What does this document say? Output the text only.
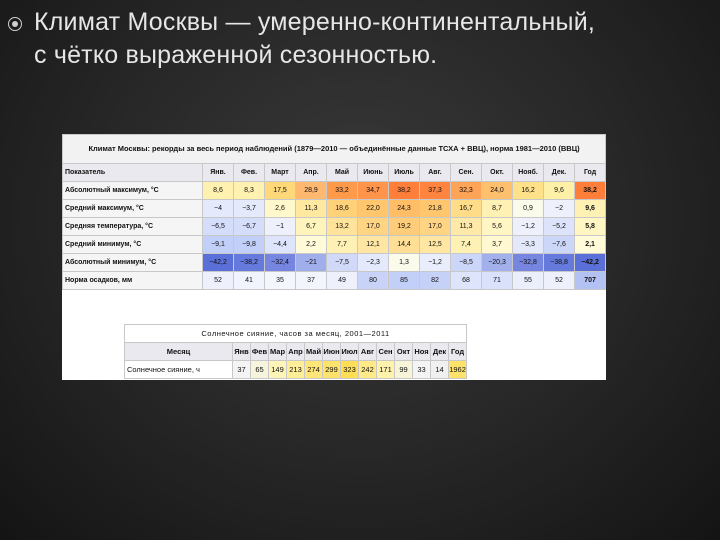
Климат Москвы — умеренно-континентальный,
с чётко выраженной сезонностью.
Климат Москвы: рекорды за весь период наблюдений (1879—2010 — объединённые данные ТСХА + ВВЦ), норма 1981—2010 (ВВЦ)													
Показатель	Янв.	Фев.	Март	Апр.	Май	Июнь	Июль	Авг.	Сен.	Окт.	Нояб.	Дек.	Год
Абсолютный максимум, °C	8,6	8,3	17,5	28,9	33,2	34,7	38,2	37,3	32,3	24,0	16,2	9,6	38,2
Средний максимум, °C	−4	−3,7	2,6	11,3	18,6	22,0	24,3	21,8	16,7	8,7	0,9	−2	9,6
Средняя температура, °C	−6,5	−6,7	−1	6,7	13,2	17,0	19,2	17,0	11,3	5,6	−1,2	−5,2	5,8
Средний минимум, °C	−9,1	−9,8	−4,4	2,2	7,7	12,1	14,4	12,5	7,4	3,7	−3,3	−7,6	2,1
Абсолютный минимум, °C	−42,2	−38,2	−32,4	−21	−7,5	−2,3	1,3	−1,2	−8,5	−20,3	−32,8	−38,8	−42,2
Норма осадков, мм	52	41	35	37	49	80	85	82	68	71	55	52	707
Солнечное сияние, часов за месяц, 2001—2011													
Месяц	Янв	Фев	Мар	Апр	Май	Июн	Июл	Авг	Сен	Окт	Ноя	Дек	Год
Солнечное сияние, ч	37	65	149	213	274	299	323	242	171	99	33	14	1962
